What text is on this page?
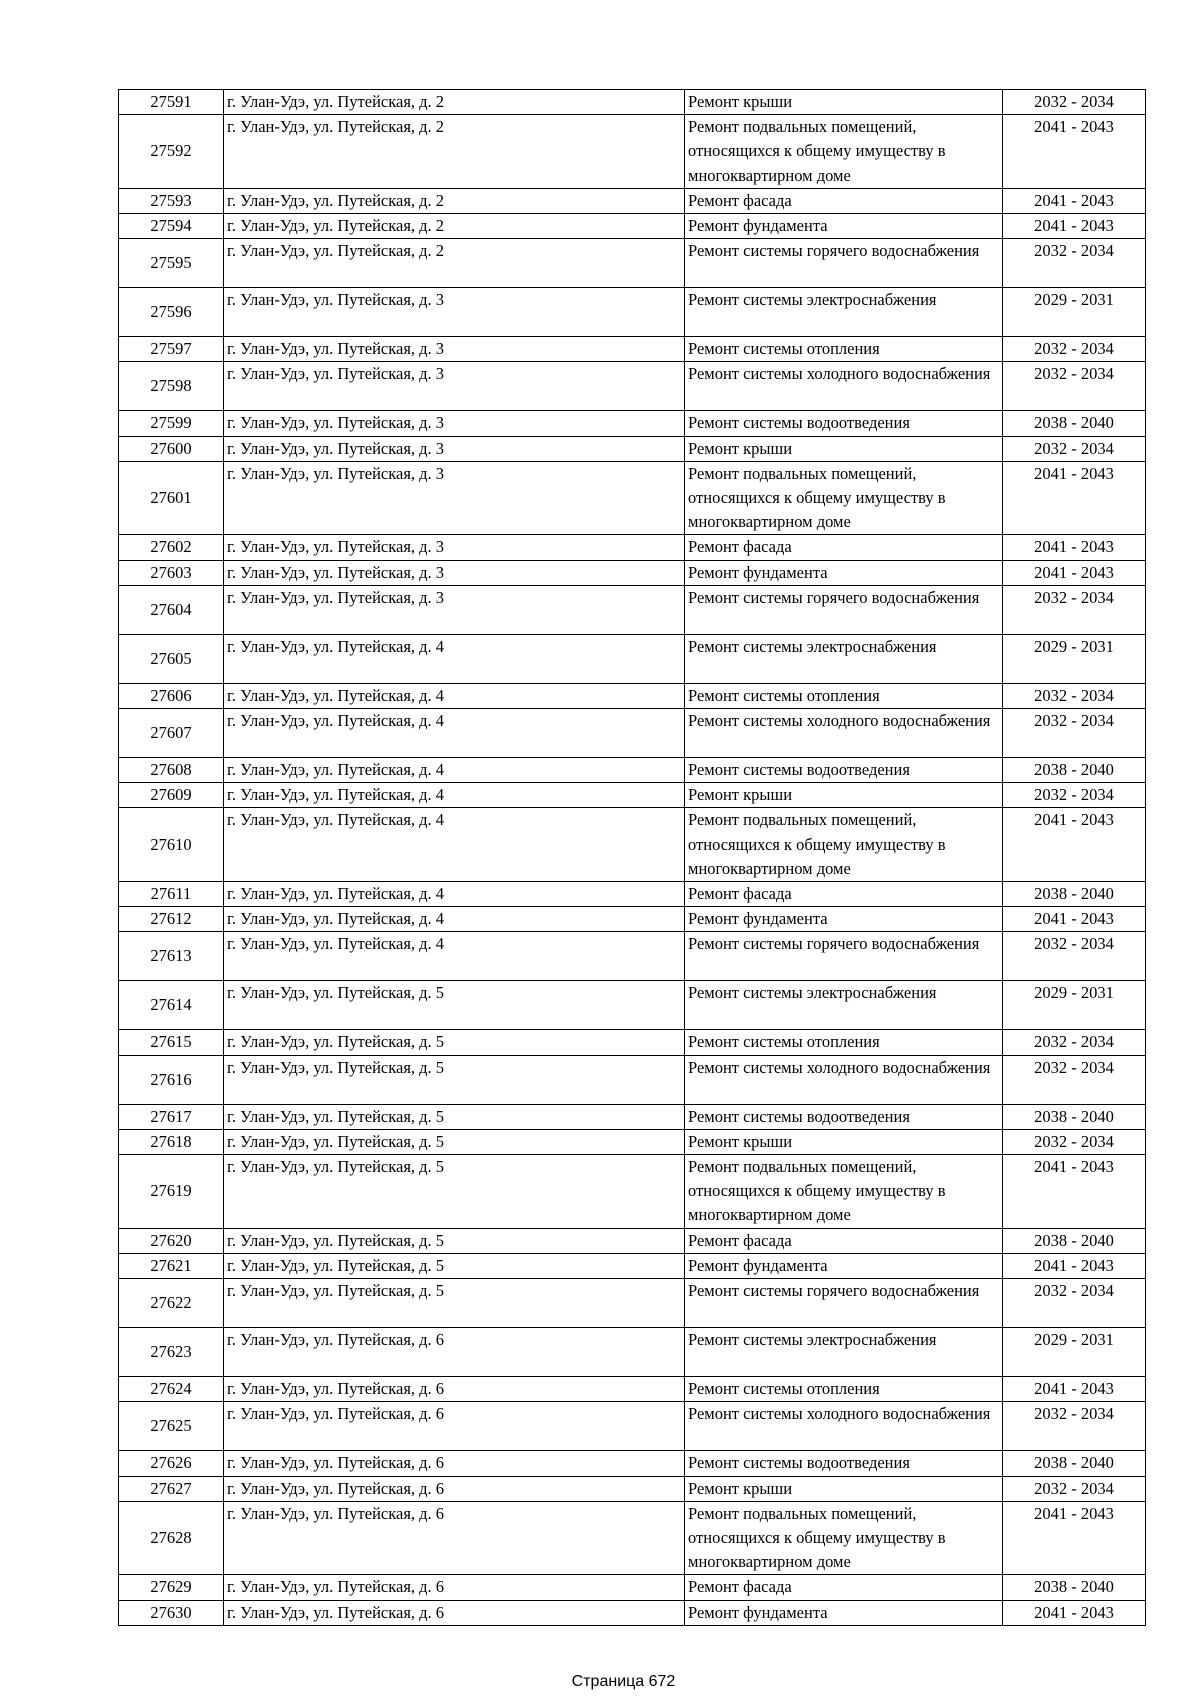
27591	г. Улан-Удэ, ул. Путейская, д. 2	Ремонт крыши	2032 - 2034
27592	г. Улан-Удэ, ул. Путейская, д. 2	Ремонт подвальных помещений, относящихся к общему имуществу в многоквартирном доме	2041 - 2043
27593	г. Улан-Удэ, ул. Путейская, д. 2	Ремонт фасада	2041 - 2043
27594	г. Улан-Удэ, ул. Путейская, д. 2	Ремонт фундамента	2041 - 2043
27595	г. Улан-Удэ, ул. Путейская, д. 2	Ремонт системы горячего водоснабжения	2032 - 2034
27596	г. Улан-Удэ, ул. Путейская, д. 3	Ремонт системы электроснабжения	2029 - 2031
27597	г. Улан-Удэ, ул. Путейская, д. 3	Ремонт системы отопления	2032 - 2034
27598	г. Улан-Удэ, ул. Путейская, д. 3	Ремонт системы холодного водоснабжения	2032 - 2034
27599	г. Улан-Удэ, ул. Путейская, д. 3	Ремонт системы водоотведения	2038 - 2040
27600	г. Улан-Удэ, ул. Путейская, д. 3	Ремонт крыши	2032 - 2034
27601	г. Улан-Удэ, ул. Путейская, д. 3	Ремонт подвальных помещений, относящихся к общему имуществу в многоквартирном доме	2041 - 2043
27602	г. Улан-Удэ, ул. Путейская, д. 3	Ремонт фасада	2041 - 2043
27603	г. Улан-Удэ, ул. Путейская, д. 3	Ремонт фундамента	2041 - 2043
27604	г. Улан-Удэ, ул. Путейская, д. 3	Ремонт системы горячего водоснабжения	2032 - 2034
27605	г. Улан-Удэ, ул. Путейская, д. 4	Ремонт системы электроснабжения	2029 - 2031
27606	г. Улан-Удэ, ул. Путейская, д. 4	Ремонт системы отопления	2032 - 2034
27607	г. Улан-Удэ, ул. Путейская, д. 4	Ремонт системы холодного водоснабжения	2032 - 2034
27608	г. Улан-Удэ, ул. Путейская, д. 4	Ремонт системы водоотведения	2038 - 2040
27609	г. Улан-Удэ, ул. Путейская, д. 4	Ремонт крыши	2032 - 2034
27610	г. Улан-Удэ, ул. Путейская, д. 4	Ремонт подвальных помещений, относящихся к общему имуществу в многоквартирном доме	2041 - 2043
27611	г. Улан-Удэ, ул. Путейская, д. 4	Ремонт фасада	2038 - 2040
27612	г. Улан-Удэ, ул. Путейская, д. 4	Ремонт фундамента	2041 - 2043
27613	г. Улан-Удэ, ул. Путейская, д. 4	Ремонт системы горячего водоснабжения	2032 - 2034
27614	г. Улан-Удэ, ул. Путейская, д. 5	Ремонт системы электроснабжения	2029 - 2031
27615	г. Улан-Удэ, ул. Путейская, д. 5	Ремонт системы отопления	2032 - 2034
27616	г. Улан-Удэ, ул. Путейская, д. 5	Ремонт системы холодного водоснабжения	2032 - 2034
27617	г. Улан-Удэ, ул. Путейская, д. 5	Ремонт системы водоотведения	2038 - 2040
27618	г. Улан-Удэ, ул. Путейская, д. 5	Ремонт крыши	2032 - 2034
27619	г. Улан-Удэ, ул. Путейская, д. 5	Ремонт подвальных помещений, относящихся к общему имуществу в многоквартирном доме	2041 - 2043
27620	г. Улан-Удэ, ул. Путейская, д. 5	Ремонт фасада	2038 - 2040
27621	г. Улан-Удэ, ул. Путейская, д. 5	Ремонт фундамента	2041 - 2043
27622	г. Улан-Удэ, ул. Путейская, д. 5	Ремонт системы горячего водоснабжения	2032 - 2034
27623	г. Улан-Удэ, ул. Путейская, д. 6	Ремонт системы электроснабжения	2029 - 2031
27624	г. Улан-Удэ, ул. Путейская, д. 6	Ремонт системы отопления	2041 - 2043
27625	г. Улан-Удэ, ул. Путейская, д. 6	Ремонт системы холодного водоснабжения	2032 - 2034
27626	г. Улан-Удэ, ул. Путейская, д. 6	Ремонт системы водоотведения	2038 - 2040
27627	г. Улан-Удэ, ул. Путейская, д. 6	Ремонт крыши	2032 - 2034
27628	г. Улан-Удэ, ул. Путейская, д. 6	Ремонт подвальных помещений, относящихся к общему имуществу в многоквартирном доме	2041 - 2043
27629	г. Улан-Удэ, ул. Путейская, д. 6	Ремонт фасада	2038 - 2040
27630	г. Улан-Удэ, ул. Путейская, д. 6	Ремонт фундамента	2041 - 2043
Страница 672
